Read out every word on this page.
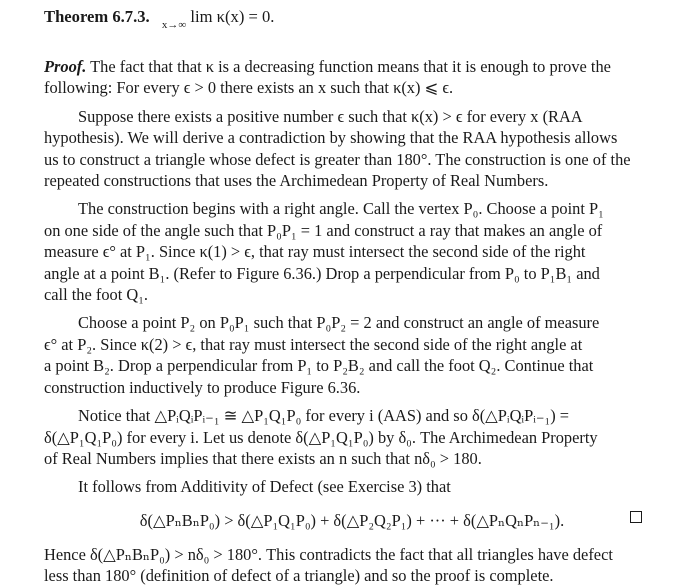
Theorem 6.7.3. $_{x\to\infty}$ lim κ(x) = 0.

Proof. The fact that that κ is a decreasing function means that it is enough to prove the
following: For every ϵ > 0 there exists an x such that κ(x) ⩽ ϵ.

Suppose there exists a positive number ϵ such that κ(x) > ϵ for every x (RAA
hypothesis). We will derive a contradiction by showing that the RAA hypothesis allows
us to construct a triangle whose defect is greater than 180°. The construction is one of the
repeated constructions that uses the Archimedean Property of Real Numbers.

The construction begins with a right angle. Call the vertex P₀. Choose a point P₁
on one side of the angle such that P₀P₁ = 1 and construct a ray that makes an angle of
measure ϵ° at P₁. Since κ(1) > ϵ, that ray must intersect the second side of the right
angle at a point B₁. (Refer to Figure 6.36.) Drop a perpendicular from P₀ to P₁B₁ and
call the foot Q₁.

Choose a point P₂ on P₀P₁ such that P₀P₂ = 2 and construct an angle of measure
ϵ° at P₂. Since κ(2) > ϵ, that ray must intersect the second side of the right angle at
a point B₂. Drop a perpendicular from P₁ to P₂B₂ and call the foot Q₂. Continue that
construction inductively to produce Figure 6.36.

Notice that △PᵢQᵢPᵢ₋₁ ≅ △P₁Q₁P₀ for every i (AAS) and so δ(△PᵢQᵢPᵢ₋₁) =
δ(△P₁Q₁P₀) for every i. Let us denote δ(△P₁Q₁P₀) by δ₀. The Archimedean Property
of Real Numbers implies that there exists an n such that nδ₀ > 180.

It follows from Additivity of Defect (see Exercise 3) that

δ(△PₙBₙP₀) > δ(△P₁Q₁P₀) + δ(△P₂Q₂P₁) + ··· + δ(△PₙQₙPₙ₋₁).

Hence δ(△PₙBₙP₀) > nδ₀ > 180°. This contradicts the fact that all triangles have defect
less than 180° (definition of defect of a triangle) and so the proof is complete.
